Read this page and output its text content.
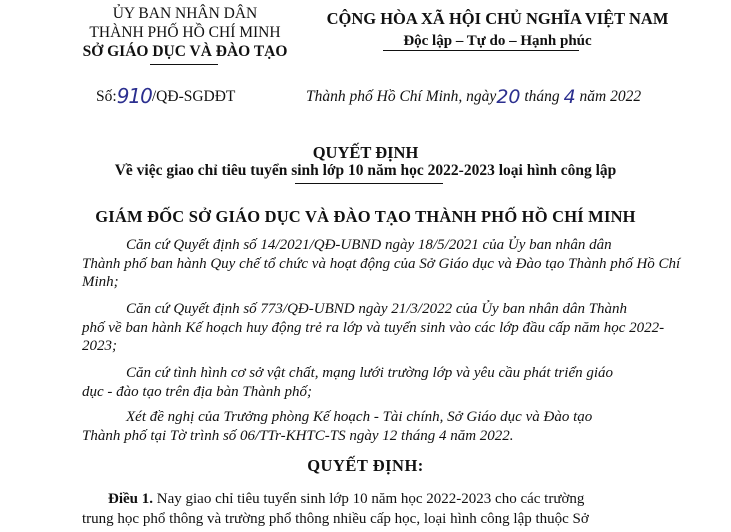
ỦY BAN NHÂN DÂN
THÀNH PHỐ HỒ CHÍ MINH
SỞ GIÁO DỤC VÀ ĐÀO TẠO
CỘNG HÒA XÃ HỘI CHỦ NGHĨA VIỆT NAM
Độc lập – Tự do – Hạnh phúc
Số:910/QĐ-SGDĐT	Thành phố Hồ Chí Minh, ngày20 tháng 4 năm 2022
QUYẾT ĐỊNH
Về việc giao chỉ tiêu tuyển sinh lớp 10 năm học 2022-2023 loại hình công lập
GIÁM ĐỐC SỞ GIÁO DỤC VÀ ĐÀO TẠO THÀNH PHỐ HỒ CHÍ MINH
Căn cứ Quyết định số 14/2021/QĐ-UBND ngày 18/5/2021 của Ủy ban nhân dân
Thành phố ban hành Quy chế tổ chức và hoạt động của Sở Giáo dục và Đào tạo Thành phố Hồ Chí Minh;
Căn cứ Quyết định số 773/QĐ-UBND ngày 21/3/2022 của Ủy ban nhân dân Thành
phố về ban hành Kế hoạch huy động trẻ ra lớp và tuyển sinh vào các lớp đầu cấp năm học 2022-2023;
Căn cứ tình hình cơ sở vật chất, mạng lưới trường lớp và yêu cầu phát triển giáo
dục - đào tạo trên địa bàn Thành phố;
Xét đề nghị của Trưởng phòng Kế hoạch - Tài chính, Sở Giáo dục và Đào tạo
Thành phố tại Tờ trình số 06/TTr-KHTC-TS ngày 12 tháng 4 năm 2022.
QUYẾT ĐỊNH:
Điều 1. Nay giao chỉ tiêu tuyển sinh lớp 10 năm học 2022-2023 cho các trường
trung học phổ thông và trường phổ thông nhiều cấp học, loại hình công lập thuộc Sở
